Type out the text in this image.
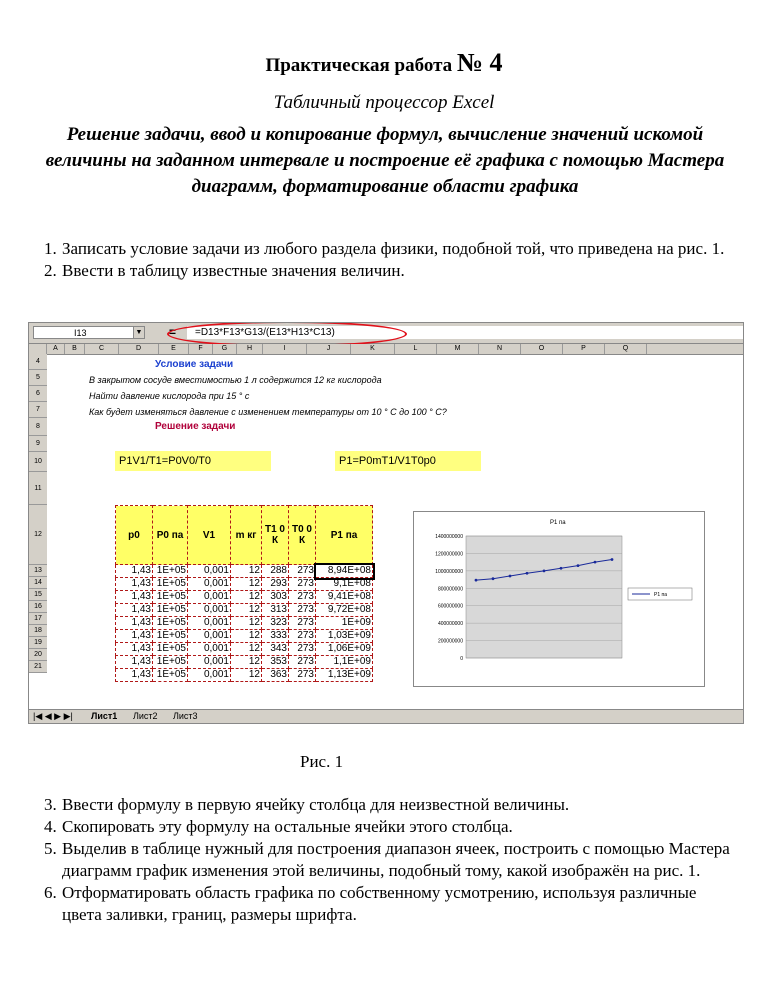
Практическая работа № 4
Табличный процессор Excel
Решение задачи, ввод и копирование формул, вычисление значений искомой величины на заданном интервале и построение её графика с помощью Мастера диаграмм, форматирование области графика
1. Записать условие задачи из любого раздела физики, подобной той, что приведена на рис. 1.
2. Ввести в таблицу известные значения величин.
I13	▼ =	=D13*F13*G13/(E13*H13*C13)
A	B	C	D	E	F	G	H	I	J	K	L	M	N	O	P	Q
Условие задачи
В закрытом сосуде вместимостью 1 л содержится 12 кг кислорода
Найти давление кислорода при 15 ° с
Как будет изменяться давление с изменением температуры от 10 ° С до 100 ° С?
Решение задачи
P1V1/T1=P0V0/T0	P1=P0mT1/V1T0p0
p0	P0 па	V1	m кг	T1 0 К	T0 0 К	P1 па
1,43	1E+05	0,001	12	288	273	8,94E+08
1,43	1E+05	0,001	12	293	273	9,1E+08
1,43	1E+05	0,001	12	303	273	9,41E+08
1,43	1E+05	0,001	12	313	273	9,72E+08
1,43	1E+05	0,001	12	323	273	1E+09
1,43	1E+05	0,001	12	333	273	1,03E+09
1,43	1E+05	0,001	12	343	273	1,06E+09
1,43	1E+05	0,001	12	353	273	1,1E+09
1,43	1E+05	0,001	12	363	273	1,13E+09
P1 па
1400000000
1200000000
1000000000
800000000
600000000
400000000
200000000
0
P1 па
|◀ ◀ ▶ ▶| Лист1 Лист2 Лист3
4
5
6
7
8
9
10
11
12
13
14
15
16
17
18
19
20
21
Рис. 1
3. Ввести формулу в первую ячейку столбца для неизвестной величины.
4. Скопировать эту формулу на остальные ячейки этого столбца.
5. Выделив в таблице нужный для построения диапазон ячеек, построить с помощью Мастера диаграмм график изменения этой величины, подобный тому, какой изображён на рис. 1.
6. Отформатировать область графика по собственному усмотрению, используя различные цвета заливки, границ, размеры шрифта.
